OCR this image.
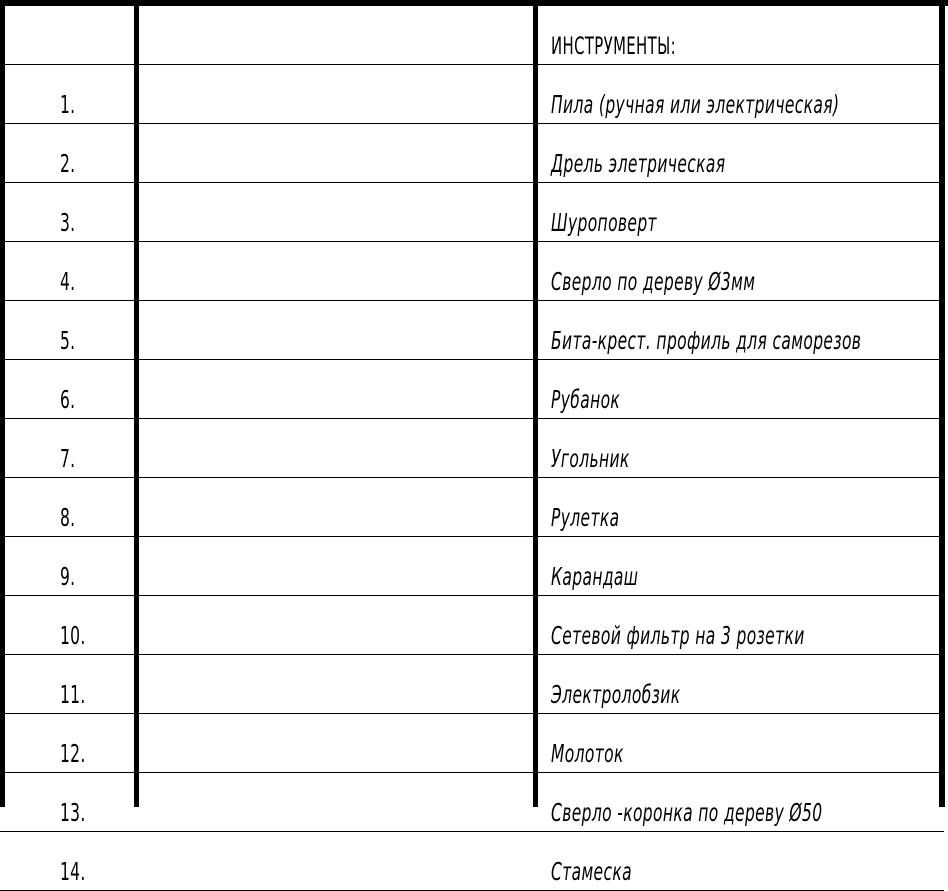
		ИНСТРУМЕНТЫ:
1.		Пила (ручная или электрическая)
2.		Дрель элетрическая
3.		Шуроповерт
4.		Сверло по дереву Ø3мм
5.		Бита-крест. профиль для саморезов
6.		Рубанок
7.		Угольник
8.		Рулетка
9.		Карандаш
10.		Сетевой фильтр на 3 розетки
11.		Электролобзик
12.		Молоток
13.		Сверло -коронка по дереву Ø50
14.		Стамеска
